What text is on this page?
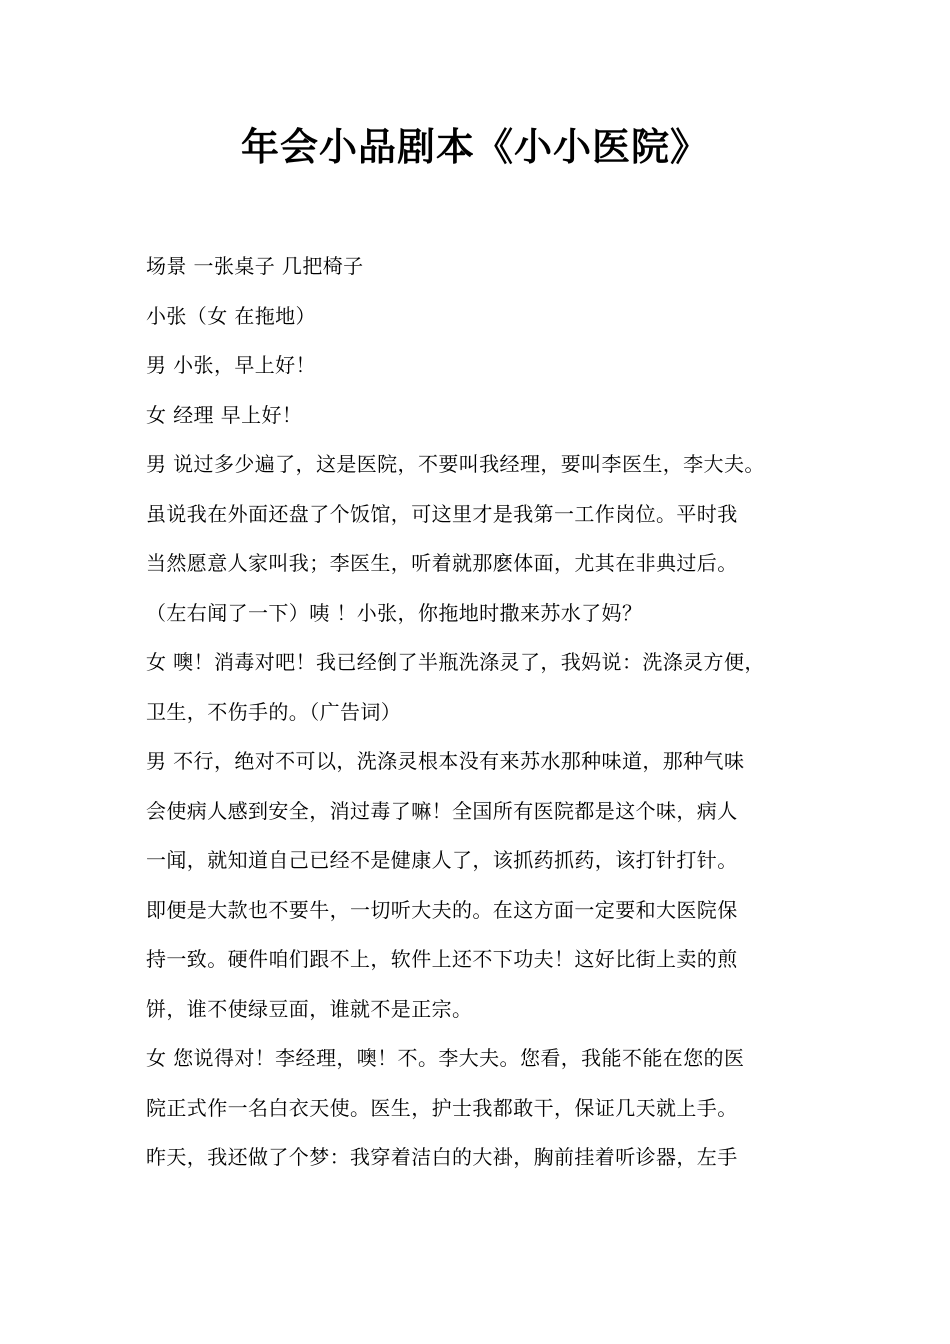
年会小品剧本《小小医院》
场景 一张桌子 几把椅子
小张（女 在拖地）
男 小张，早上好！
女 经理 早上好！
男 说过多少遍了，这是医院，不要叫我经理，要叫李医生，李大夫。
虽说我在外面还盘了个饭馆，可这里才是我第一工作岗位。平时我
当然愿意人家叫我；李医生，听着就那麽体面，尤其在非典过后。
（左右闻了一下）咦 ！小张，你拖地时撒来苏水了妈？
女 噢！消毒对吧！我已经倒了半瓶洗涤灵了，我妈说：洗涤灵方便，
卫生，不伤手的。（广告词）
男 不行，绝对不可以，洗涤灵根本没有来苏水那种味道，那种气味
会使病人感到安全，消过毒了嘛！全国所有医院都是这个味，病人
一闻，就知道自己已经不是健康人了，该抓药抓药，该打针打针。
即便是大款也不要牛，一切听大夫的。在这方面一定要和大医院保
持一致。硬件咱们跟不上，软件上还不下功夫！这好比街上卖的煎
饼，谁不使绿豆面，谁就不是正宗。
女 您说得对！李经理，噢！不。李大夫。您看，我能不能在您的医
院正式作一名白衣天使。医生，护士我都敢干，保证几天就上手。
昨天，我还做了个梦：我穿着洁白的大褂，胸前挂着听诊器，左手
